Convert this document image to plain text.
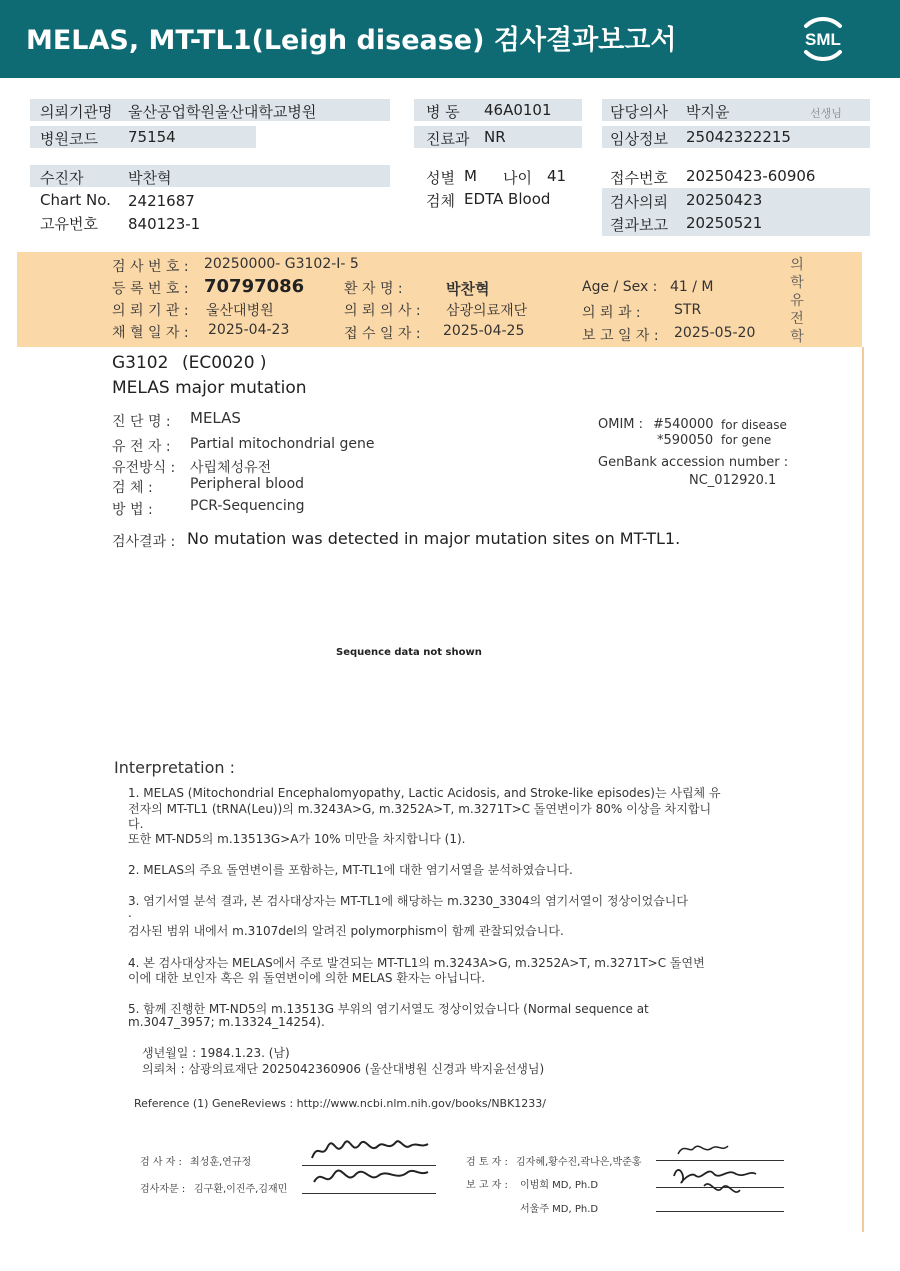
MELAS, MT-TL1(Leigh disease) 검사결과보고서	SML
의뢰기관명 울산공업학원울산대학교병원
병원코드 75154
병 동 46A0101
진료과 NR
담당의사 박지윤	선생님
임상정보 25042322215
수진자	박찬혁
Chart No. 2421687
고유번호 840123-1
성별 M 나이 41
검체 EDTA Blood
접수번호 20250423-60906
검사의뢰 20250423
결과보고 20250521
검 사 번 호 : 20250000- G3102-I- 5
등 록 번 호 : 70797086	환 자 명 :	박찬혁	Age / Sex : 41 / M
의 뢰 기 관 : 울산대병원	의 뢰 의 사 : 삼광의료재단	의 뢰 과 : STR
채 혈 일 자 : 2025-04-23	접 수 일 자 : 2025-04-25	보 고 일 자 : 2025-05-20
의학유전학
G3102 (EC0020 )
MELAS major mutation
진 단 명 : MELAS
유 전 자 : Partial mitochondrial gene
유전방식 : 사립체성유전
검 체 :	Peripheral blood
방 법 :	PCR-Sequencing
OMIM : #540000 for disease
*590050 for gene
GenBank accession number :
NC_012920.1
검사결과 : No mutation was detected in major mutation sites on MT-TL1.
Sequence data not shown
Interpretation :
1. MELAS (Mitochondrial Encephalomyopathy, Lactic Acidosis, and Stroke-like episodes)는 사립체 유
전자의 MT-TL1 (tRNA(Leu))의 m.3243A>G, m.3252A>T, m.3271T>C 돌연변이가 80% 이상을 차지합니
다.
또한 MT-ND5의 m.13513G>A가 10% 미만을 차지합니다 (1).
2. MELAS의 주요 돌연변이를 포함하는, MT-TL1에 대한 염기서열을 분석하였습니다.
3. 염기서열 분석 결과, 본 검사대상자는 MT-TL1에 해당하는 m.3230_3304의 염기서열이 정상이었습니다
.
검사된 범위 내에서 m.3107del의 알려진 polymorphism이 함께 관찰되었습니다.
4. 본 검사대상자는 MELAS에서 주로 발견되는 MT-TL1의 m.3243A>G, m.3252A>T, m.3271T>C 돌연변
이에 대한 보인자 혹은 위 돌연변이에 의한 MELAS 환자는 아닙니다.
5. 함께 진행한 MT-ND5의 m.13513G 부위의 염기서열도 정상이었습니다 (Normal sequence at
m.3047_3957; m.13324_14254).
생년월일 : 1984.1.23. (남)
의뢰처 : 삼광의료재단 2025042360906 (울산대병원 신경과 박지윤선생님)
Reference (1) GeneReviews : http://www.ncbi.nlm.nih.gov/books/NBK1233/
검 사 자 : 최성훈,연규정
검사자문 : 김구환,이진주,김재민
검 토 자 : 김자혜,황수진,곽나은,박준홍
보 고 자 : 이범희 MD, Ph.D
서울주 MD, Ph.D
